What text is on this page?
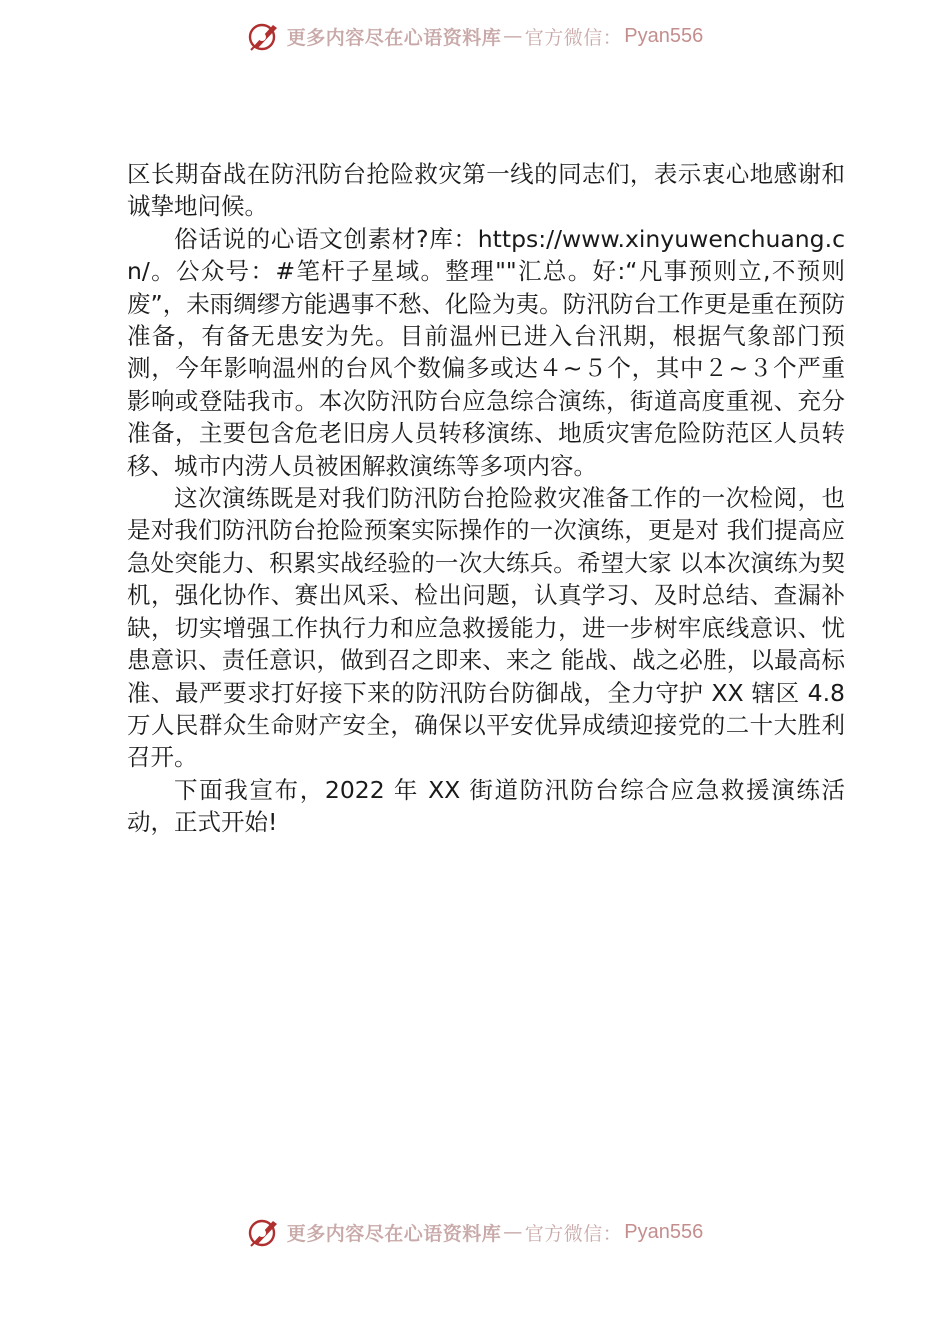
更多内容尽在心语资料库 — 官方微信： Pyan556

区长期奋战在防汛防台抢险救灾第一线的同志们，表示衷心地感谢和诚挚地问候。

俗话说的心语文创素材?库：https://www.xinyuwenchuang.cn/。公众号：#笔杆子星域。整理""汇总。好:“凡事预则立,不预则废”，未雨绸缪方能遇事不愁、化险为夷。防汛防台工作更是重在预防准备，有备无患安为先。目前温州已进入台汛期，根据气象部门预测，今年影响温州的台风个数偏多或达４~５个，其中２~３个严重影响或登陆我市。本次防汛防台应急综合演练，街道高度重视、充分准备，主要包含危老旧房人员转移演练、地质灾害危险防范区人员转移、城市内涝人员被困解救演练等多项内容。

这次演练既是对我们防汛防台抢险救灾准备工作的一次检阅，也是对我们防汛防台抢险预案实际操作的一次演练，更是对 我们提高应急处突能力、积累实战经验的一次大练兵。希望大家 以本次演练为契机，强化协作、赛出风采、检出问题，认真学习、及时总结、查漏补缺，切实增强工作执行力和应急救援能力，进一步树牢底线意识、忧患意识、责任意识，做到召之即来、来之 能战、战之必胜，以最高标准、最严要求打好接下来的防汛防台防御战，全力守护 XX 辖区 4.8 万人民群众生命财产安全，确保以平安优异成绩迎接党的二十大胜利召开。

下面我宣布，2022 年 XX 街道防汛防台综合应急救援演练活动，正式开始!

更多内容尽在心语资料库 — 官方微信： Pyan556
